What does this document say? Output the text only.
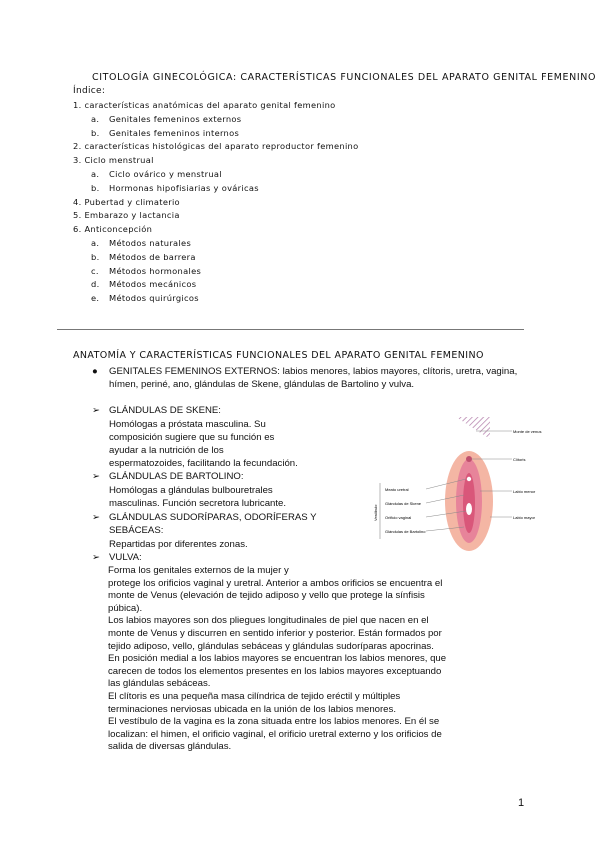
CITOLOGÍA GINECOLÓGICA: CARACTERÍSTICAS FUNCIONALES DEL APARATO GENITAL FEMENINO
Índice:
1. características anatómicas del aparato genital femenino
a. Genitales femeninos externos
b. Genitales femeninos internos
2. características histológicas del aparato reproductor femenino
3. Ciclo menstrual
a. Ciclo ovárico y menstrual
b. Hormonas hipofisiarias y ováricas
4. Pubertad y climaterio
5. Embarazo y lactancia
6. Anticoncepción
a. Métodos naturales
b. Métodos de barrera
c. Métodos hormonales
d. Métodos mecánicos
e. Métodos quirúrgicos
ANATOMÍA Y CARACTERÍSTICAS FUNCIONALES DEL APARATO GENITAL FEMENINO
● GENITALES FEMENINOS EXTERNOS: labios menores, labios mayores, clítoris, uretra, vagina, hímen, periné, ano, glándulas de Skene, glándulas de Bartolino y vulva.
➢ GLÁNDULAS DE SKENE:
Homólogas a próstata masculina. Su
composición sugiere que su función es
ayudar a la nutrición de los
espermatozoides, facilitando la fecundación.
➢ GLÁNDULAS DE BARTOLINO:
Homólogas a glándulas bulbouretrales
masculinas. Función secretora lubricante.
➢ GLÁNDULAS SUDORÍPARAS, ODORÍFERAS Y
SEBÁCEAS:
Repartidas por diferentes zonas.
➢ VULVA:
Forma los genitales externos de la mujer y
protege los orificios vaginal y uretral. Anterior a ambos orificios se encuentra el
monte de Venus (elevación de tejido adiposo y vello que protege la sínfisis
púbica).
Los labios mayores son dos pliegues longitudinales de piel que nacen en el
monte de Venus y discurren en sentido inferior y posterior. Están formados por
tejido adiposo, vello, glándulas sebáceas y glándulas sudoríparas apocrinas.
En posición medial a los labios mayores se encuentran los labios menores, que
carecen de todos los elementos presentes en los labios mayores exceptuando
las glándulas sebáceas.
El clítoris es una pequeña masa cilíndrica de tejido eréctil y múltiples
terminaciones nerviosas ubicada en la unión de los labios menores.
El vestíbulo de la vagina es la zona situada entre los labios menores. En él se
localizan: el himen, el orificio vaginal, el orificio uretral externo y los orificios de
salida de diversas glándulas.
Monte de venus
Clítoris
Labio menor
Labio mayor
Meato uretral
Glándulas de Skene
Orificio vaginal
Glándulas de Bartolino
Vestíbulo
1
